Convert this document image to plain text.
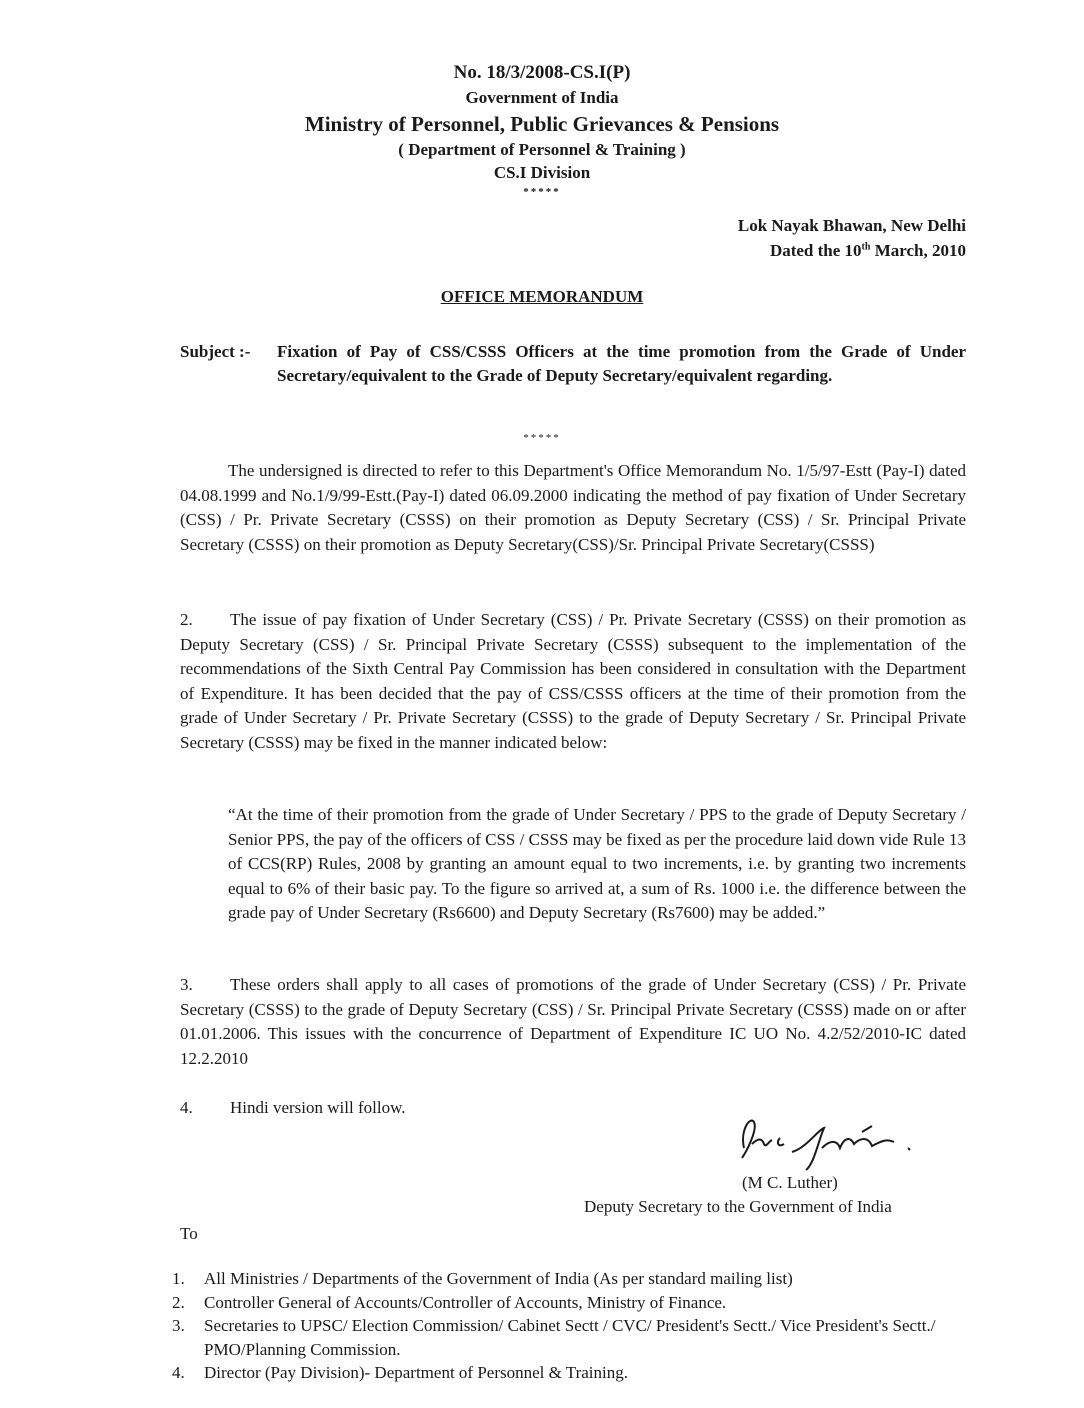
No. 18/3/2008-CS.I(P)
Government of India
Ministry of Personnel, Public Grievances & Pensions
( Department of Personnel & Training )
CS.I Division
*****
Lok Nayak Bhawan, New Delhi
Dated the 10th March, 2010
OFFICE MEMORANDUM
Subject :- Fixation of Pay of CSS/CSSS Officers at the time promotion from the Grade of Under Secretary/equivalent to the Grade of Deputy Secretary/equivalent regarding.
*****
The undersigned is directed to refer to this Department's Office Memorandum No. 1/5/97-Estt (Pay-I) dated 04.08.1999 and No.1/9/99-Estt.(Pay-I) dated 06.09.2000 indicating the method of pay fixation of Under Secretary (CSS) / Pr. Private Secretary (CSSS) on their promotion as Deputy Secretary (CSS) / Sr. Principal Private Secretary (CSSS) on their promotion as Deputy Secretary(CSS)/Sr. Principal Private Secretary(CSSS)
2. The issue of pay fixation of Under Secretary (CSS) / Pr. Private Secretary (CSSS) on their promotion as Deputy Secretary (CSS) / Sr. Principal Private Secretary (CSSS) subsequent to the implementation of the recommendations of the Sixth Central Pay Commission has been considered in consultation with the Department of Expenditure. It has been decided that the pay of CSS/CSSS officers at the time of their promotion from the grade of Under Secretary / Pr. Private Secretary (CSSS) to the grade of Deputy Secretary / Sr. Principal Private Secretary (CSSS) may be fixed in the manner indicated below:
“At the time of their promotion from the grade of Under Secretary / PPS to the grade of Deputy Secretary / Senior PPS, the pay of the officers of CSS / CSSS may be fixed as per the procedure laid down vide Rule 13 of CCS(RP) Rules, 2008 by granting an amount equal to two increments, i.e. by granting two increments equal to 6% of their basic pay. To the figure so arrived at, a sum of Rs. 1000 i.e. the difference between the grade pay of Under Secretary (Rs6600) and Deputy Secretary (Rs7600) may be added.”
3. These orders shall apply to all cases of promotions of the grade of Under Secretary (CSS) / Pr. Private Secretary (CSSS) to the grade of Deputy Secretary (CSS) / Sr. Principal Private Secretary (CSSS) made on or after 01.01.2006. This issues with the concurrence of Department of Expenditure IC UO No. 4.2/52/2010-IC dated 12.2.2010
4. Hindi version will follow.
(M C. Luther)
Deputy Secretary to the Government of India
To
1. All Ministries / Departments of the Government of India (As per standard mailing list)
2. Controller General of Accounts/Controller of Accounts, Ministry of Finance.
3. Secretaries to UPSC/ Election Commission/ Cabinet Sectt / CVC/ President's Sectt./ Vice President's Sectt./ PMO/Planning Commission.
4. Director (Pay Division)- Department of Personnel & Training.
